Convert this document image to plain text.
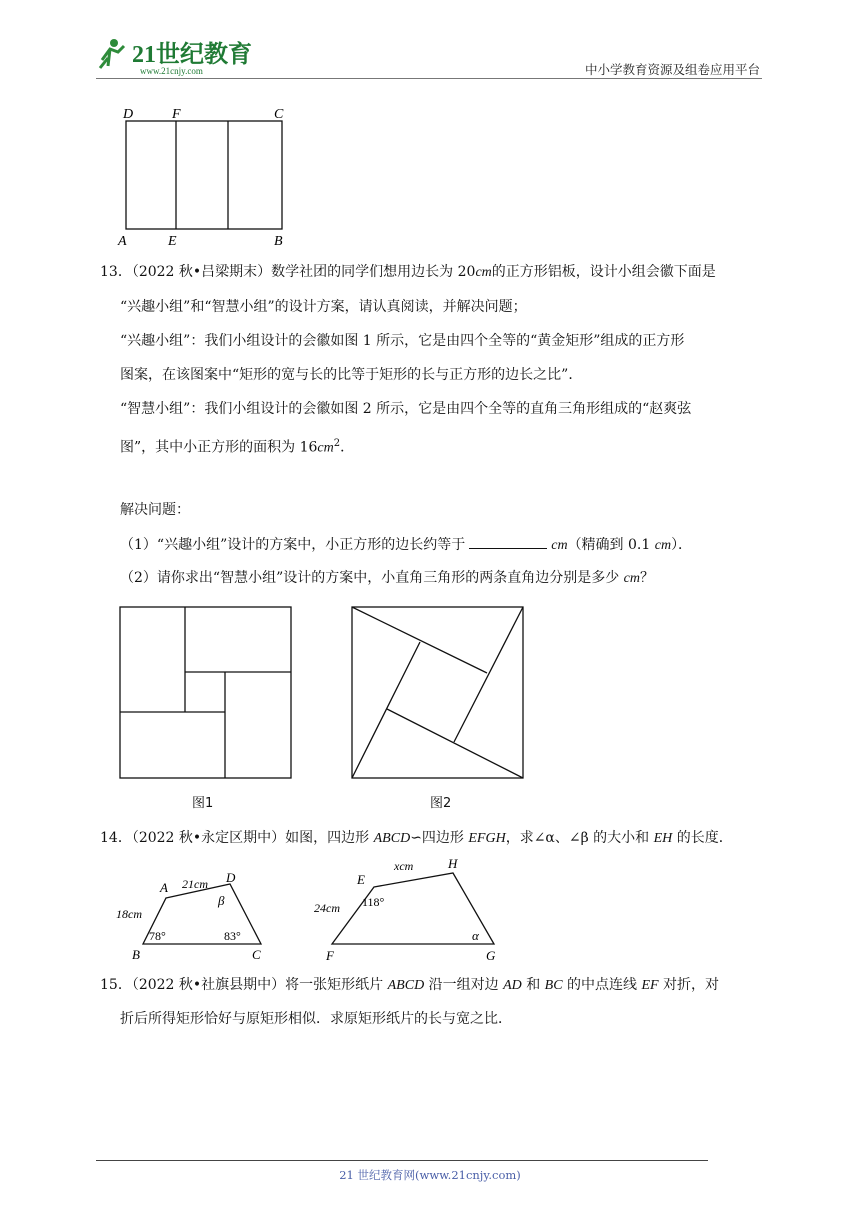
21世纪教育
www.21cnjy.com	中小学教育资源及组卷应用平台
D	F	C
A	E	B
13．（2022 秋•吕梁期末）数学社团的同学们想用边长为 20cm的正方形铝板，设计小组会徽下面是
“兴趣小组”和“智慧小组”的设计方案，请认真阅读，并解决问题；
“兴趣小组”：我们小组设计的会徽如图 1 所示，它是由四个全等的“黄金矩形”组成的正方形
图案，在该图案中“矩形的宽与长的比等于矩形的长与正方形的边长之比”．
“智慧小组”：我们小组设计的会徽如图 2 所示，它是由四个全等的直角三角形组成的“赵爽弦
图”，其中小正方形的面积为 $16cm^2$．
解决问题：
（1）“兴趣小组”设计的方案中，小正方形的边长约等于	cm（精确到 0.1 cm）．
（2）请你求出“智慧小组”设计的方案中，小直角三角形的两条直角边分别是多少 cm？
图1	图2
14．（2022 秋•永定区期中）如图，四边形 ABCD∽四边形 EFGH，求∠α、∠β 的大小和 EH 的长度．
A
D
B	C
21cm
18cm
78°	83°
β
E
H
F	G
xcm
24cm 118°
α
15．（2022 秋•社旗县期中）将一张矩形纸片 ABCD 沿一组对边 AD 和 BC 的中点连线 EF 对折，对
折后所得矩形恰好与原矩形相似．求原矩形纸片的长与宽之比．
21 世纪教育网(www.21cnjy.com)
